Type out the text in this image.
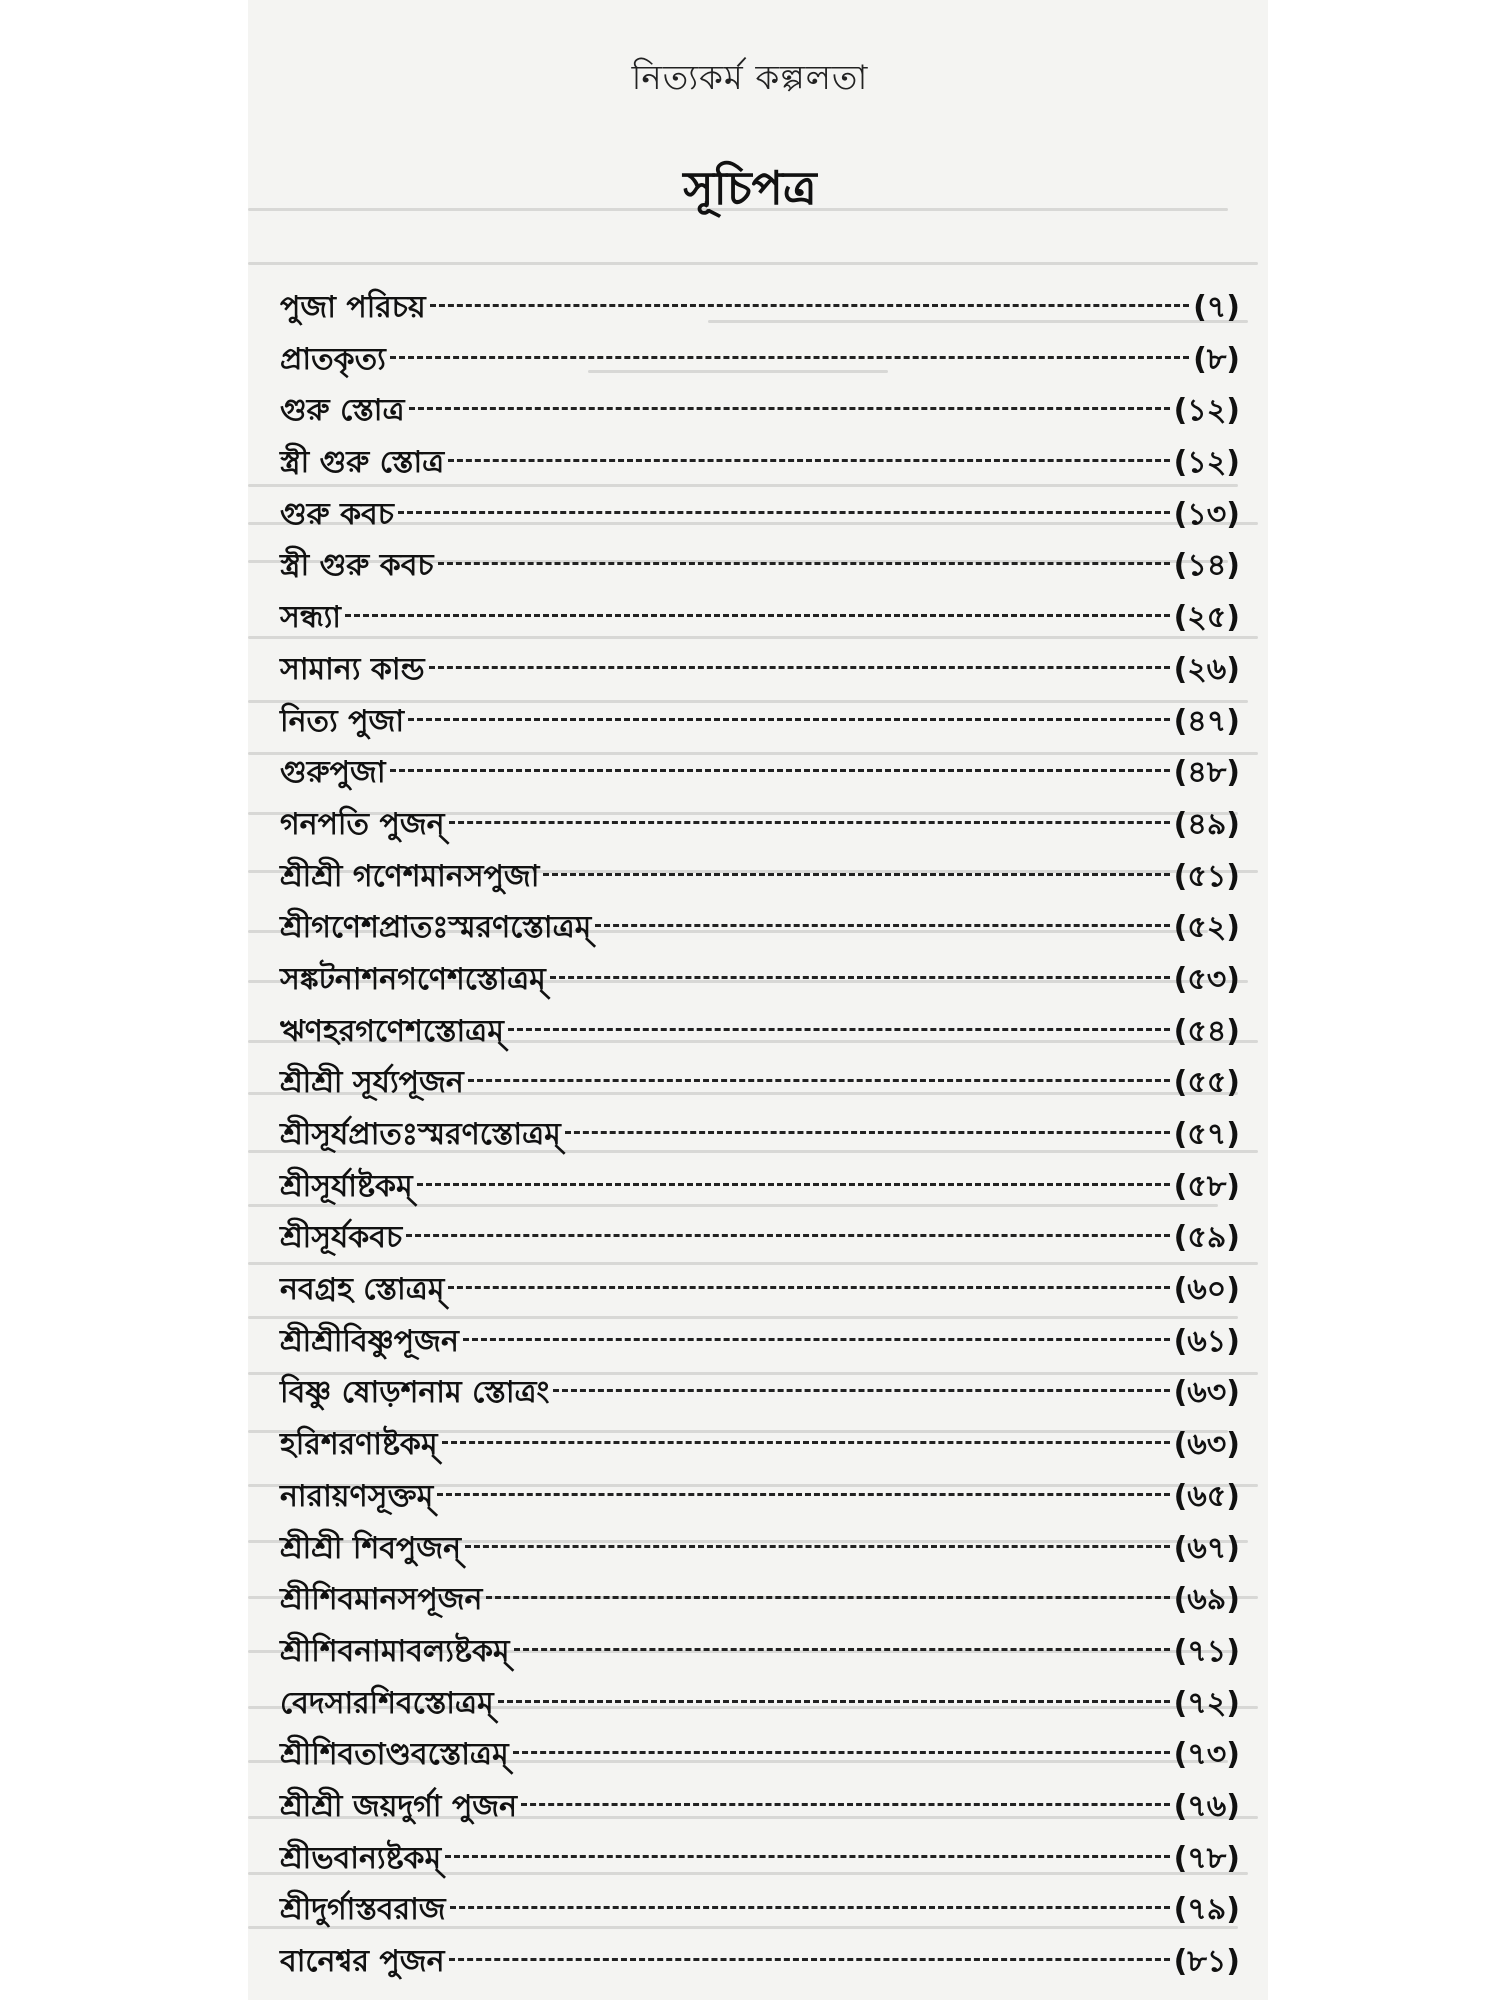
নিত্যকর্ম কল্পলতা
সূচিপত্র
পুজা পরিচয়	(৭)
প্রাতকৃত্য	(৮)
গুরু স্তোত্র	(১২)
স্ত্রী গুরু স্তোত্র	(১২)
গুরু কবচ	(১৩)
স্ত্রী গুরু কবচ	(১৪)
সন্ধ্যা	(২৫)
সামান্য কান্ড	(২৬)
নিত্য পুজা	(৪৭)
গুরুপুজা	(৪৮)
গনপতি পুজন্	(৪৯)
শ্রীশ্রী গণেশমানসপুজা	(৫১)
শ্রীগণেশপ্রাতঃস্মরণস্তোত্রম্	(৫২)
সঙ্কটনাশনগণেশস্তোত্রম্	(৫৩)
ঋণহরগণেশস্তোত্রম্	(৫৪)
শ্রীশ্রী সূর্য্যপূজন	(৫৫)
শ্রীসূর্যপ্রাতঃস্মরণস্তোত্রম্	(৫৭)
শ্রীসূর্যাষ্টকম্	(৫৮)
শ্রীসূর্যকবচ	(৫৯)
নবগ্রহ স্তোত্রম্	(৬০)
শ্রীশ্রীবিষ্ণুপূজন	(৬১)
বিষ্ণু ষোড়শনাম স্তোত্রং	(৬৩)
হরিশরণাষ্টকম্	(৬৩)
নারায়ণসূক্তম্	(৬৫)
শ্রীশ্রী শিবপুজন্	(৬৭)
শ্রীশিবমানসপূজন	(৬৯)
শ্রীশিবনামাবল্যষ্টকম্	(৭১)
বেদসারশিবস্তোত্রম্	(৭২)
শ্রীশিবতাণ্ডবস্তোত্রম্	(৭৩)
শ্রীশ্রী জয়দুর্গা পুজন	(৭৬)
শ্রীভবান্যষ্টকম্	(৭৮)
শ্রীদুর্গাস্তবরাজ	(৭৯)
বানেশ্বর পুজন	(৮১)
